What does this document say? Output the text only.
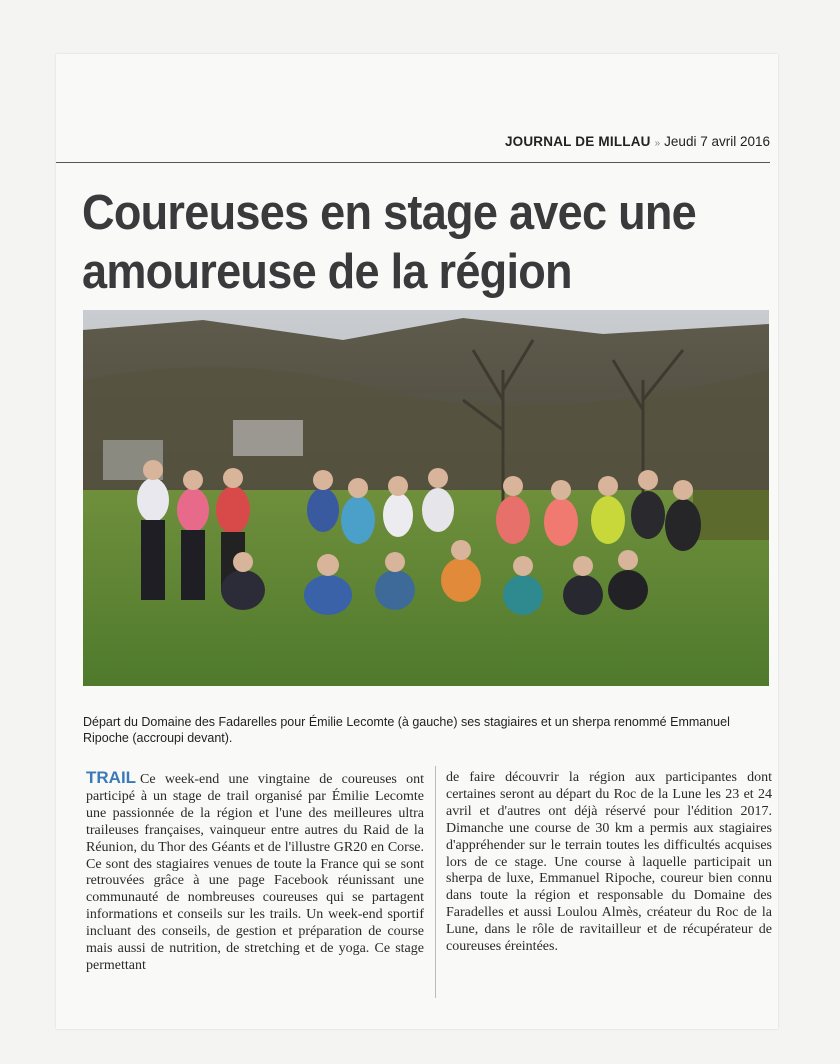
JOURNAL DE MILLAU » Jeudi 7 avril 2016
Coureuses en stage avec une amoureuse de la région

Départ du Domaine des Fadarelles pour Émilie Lecomte (à gauche) ses stagiaires et un sherpa renommé Emmanuel Ripoche (accroupi devant).

TRAIL Ce week-end une vingtaine de coureuses ont participé à un stage de trail organisé par Émilie Lecomte une passionnée de la région et l'une des meilleures ultra traileuses françaises, vainqueur entre autres du Raid de la Réunion, du Thor des Géants et de l'illustre GR20 en Corse. Ce sont des stagiaires venues de toute la France qui se sont retrouvées grâce à une page Facebook réunissant une communauté de nombreuses coureuses qui se partagent informations et conseils sur les trails. Un week-end sportif incluant des conseils, de gestion et préparation de course mais aussi de nutrition, de stretching et de yoga. Ce stage permettant

de faire découvrir la région aux participantes dont certaines seront au départ du Roc de la Lune les 23 et 24 avril et d'autres ont déjà réservé pour l'édition 2017. Dimanche une course de 30 km a permis aux stagiaires d'appréhender sur le terrain toutes les difficultés acquises lors de ce stage. Une course à laquelle participait un sherpa de luxe, Emmanuel Ripoche, coureur bien connu dans toute la région et responsable du Domaine des Faradelles et aussi Loulou Almès, créateur du Roc de la Lune, dans le rôle de ravitailleur et de récupérateur de coureuses éreintées.
